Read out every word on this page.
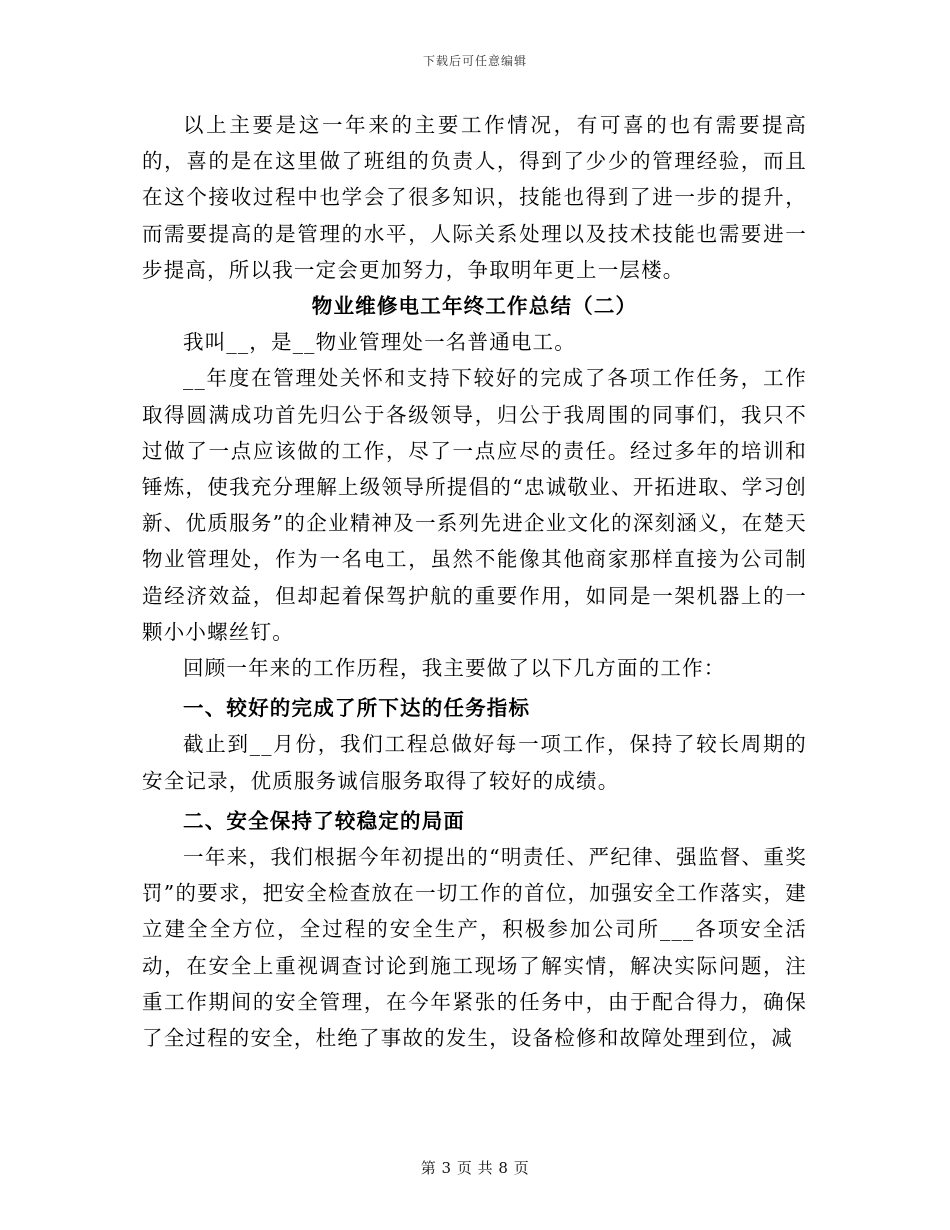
下载后可任意编辑

以上主要是这一年来的主要工作情况，有可喜的也有需要提高的，喜的是在这里做了班组的负责人，得到了少少的管理经验，而且在这个接收过程中也学会了很多知识，技能也得到了进一步的提升，而需要提高的是管理的水平，人际关系处理以及技术技能也需要进一步提高，所以我一定会更加努力，争取明年更上一层楼。

物业维修电工年终工作总结（二）

我叫__，是__物业管理处一名普通电工。

__年度在管理处关怀和支持下较好的完成了各项工作任务，工作取得圆满成功首先归公于各级领导，归公于我周围的同事们，我只不过做了一点应该做的工作，尽了一点应尽的责任。经过多年的培训和锤炼，使我充分理解上级领导所提倡的“忠诚敬业、开拓进取、学习创新、优质服务”的企业精神及一系列先进企业文化的深刻涵义，在楚天物业管理处，作为一名电工，虽然不能像其他商家那样直接为公司制造经济效益，但却起着保驾护航的重要作用，如同是一架机器上的一颗小小螺丝钉。

回顾一年来的工作历程，我主要做了以下几方面的工作：

一、较好的完成了所下达的任务指标

截止到__月份，我们工程总做好每一项工作，保持了较长周期的安全记录，优质服务诚信服务取得了较好的成绩。

二、安全保持了较稳定的局面

一年来，我们根据今年初提出的“明责任、严纪律、强监督、重奖罚”的要求，把安全检查放在一切工作的首位，加强安全工作落实，建立建全全方位，全过程的安全生产，积极参加公司所___各项安全活动，在安全上重视调查讨论到施工现场了解实情，解决实际问题，注重工作期间的安全管理，在今年紧张的任务中，由于配合得力，确保了全过程的安全，杜绝了事故的发生，设备检修和故障处理到位，减

第 3 页 共 8 页
